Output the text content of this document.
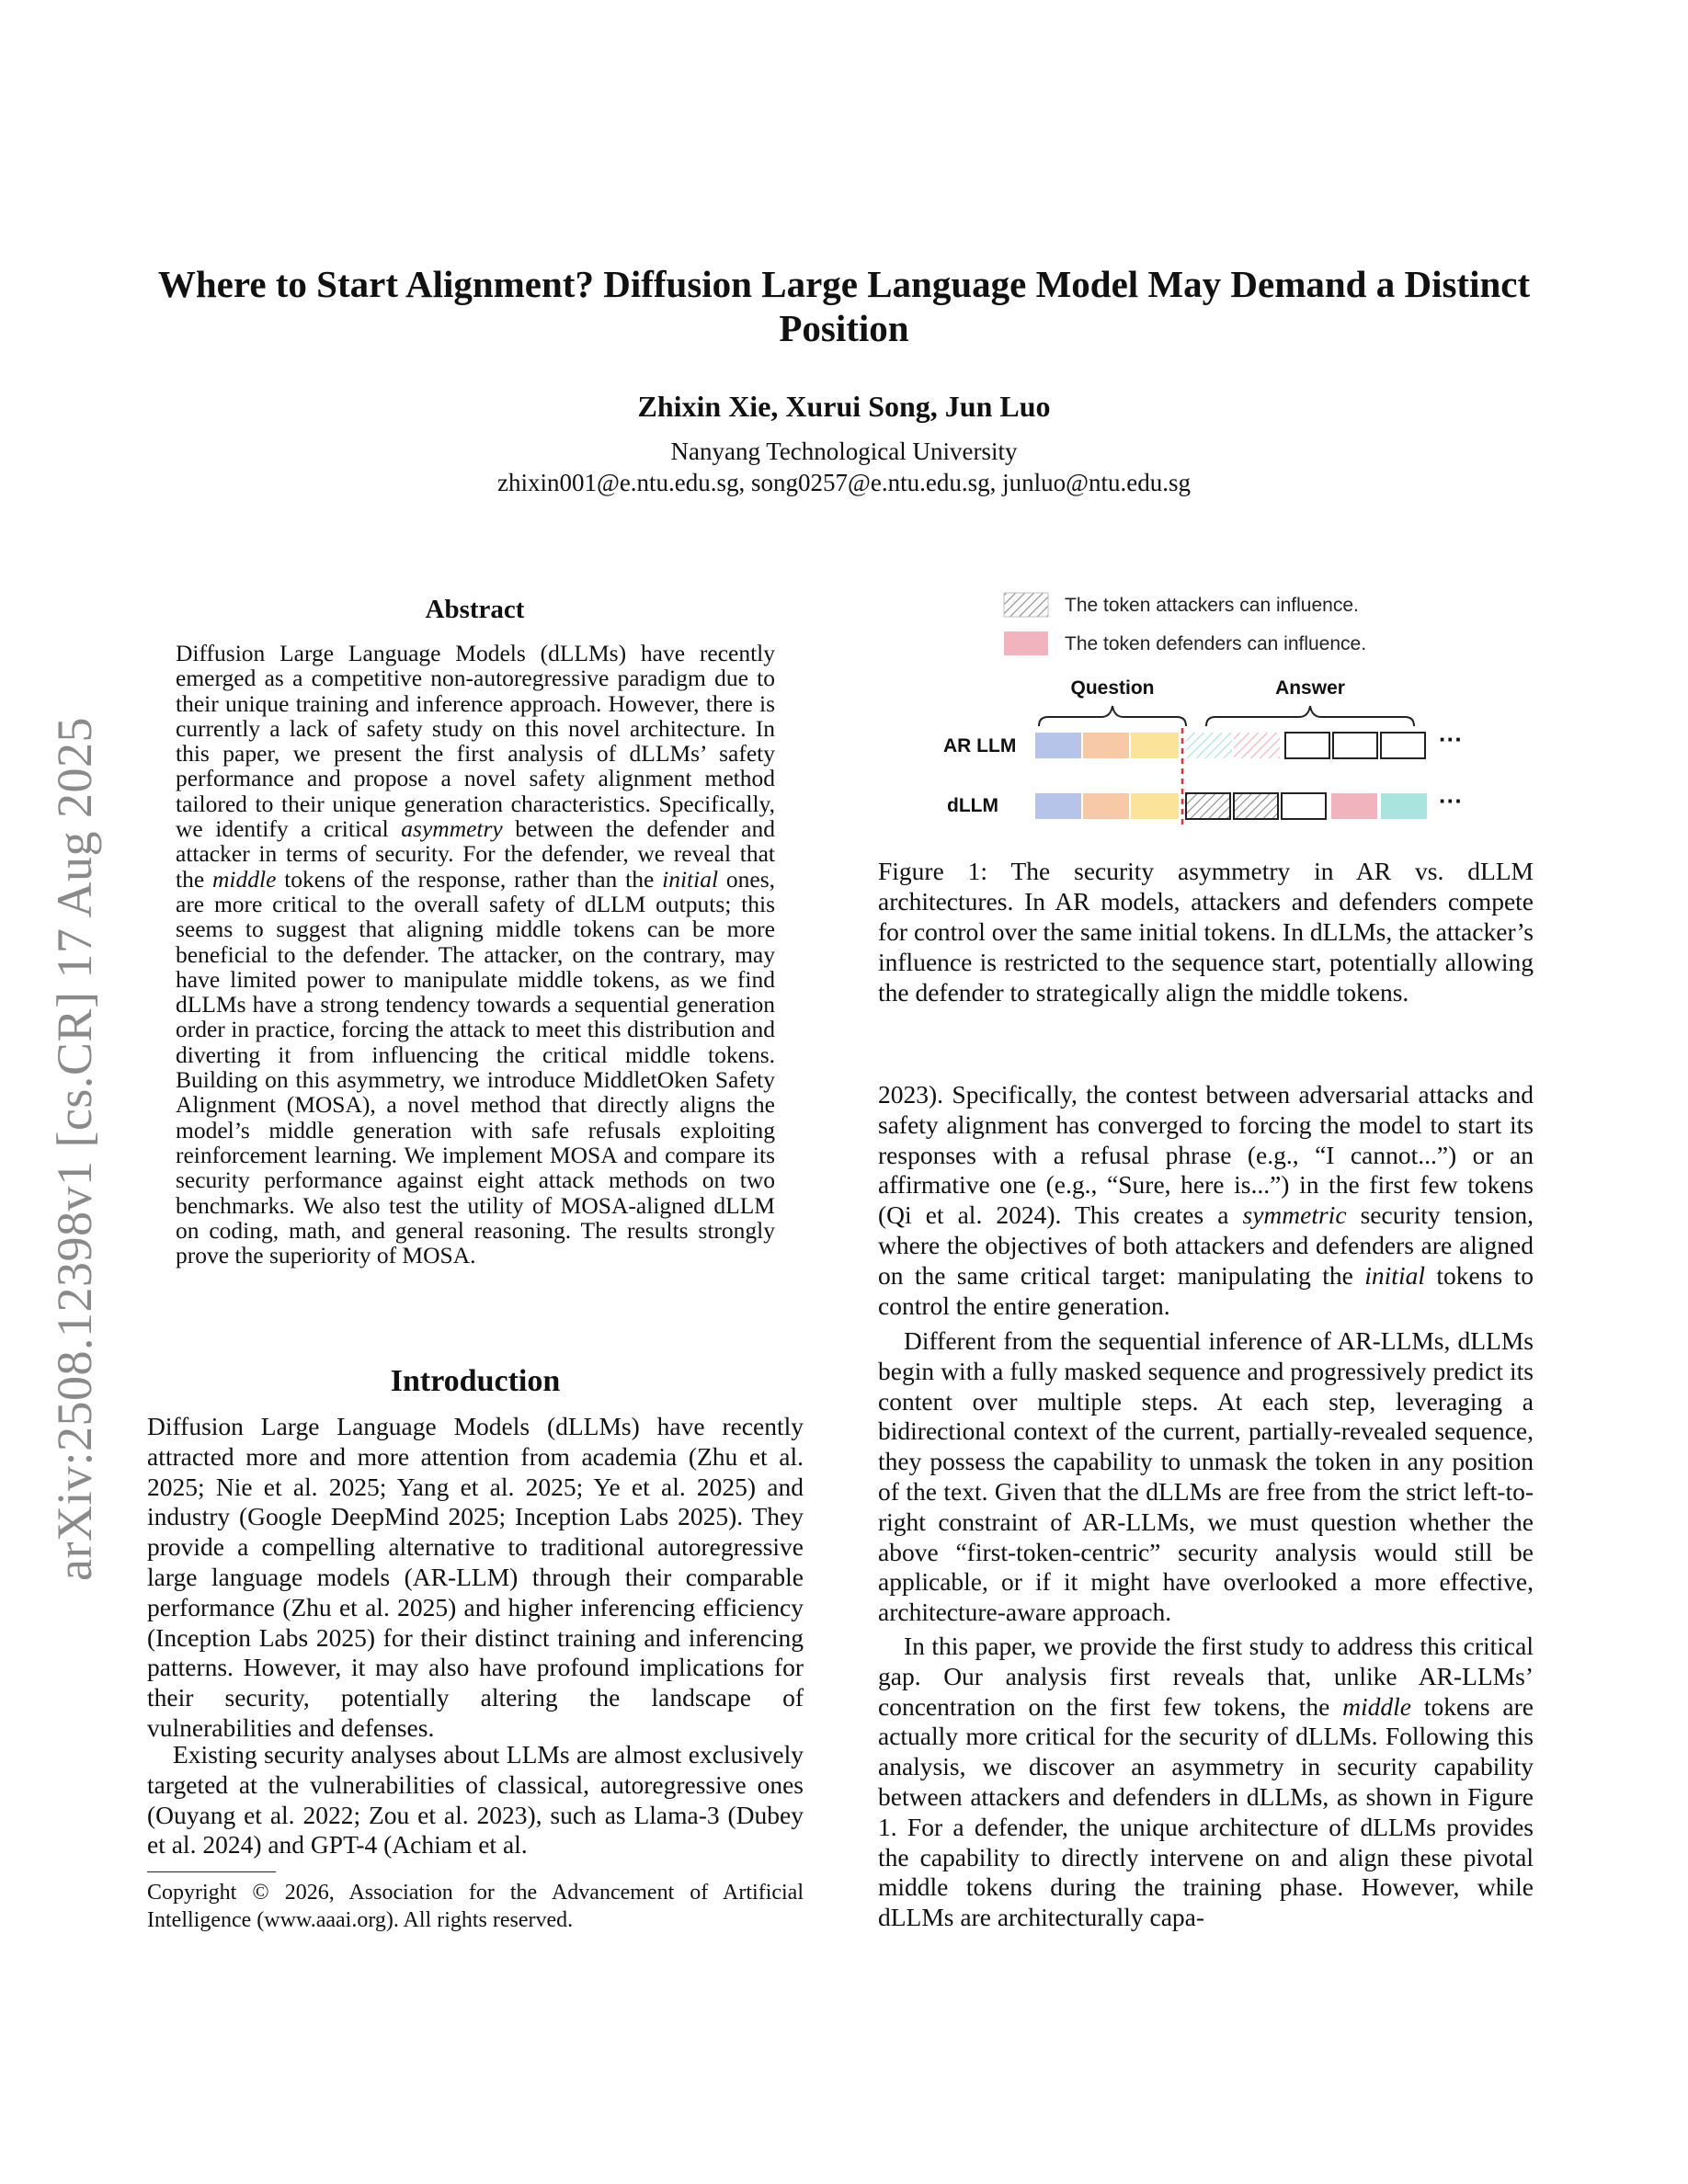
arXiv:2508.12398v1 [cs.CR] 17 Aug 2025
Where to Start Alignment? Diffusion Large Language Model May Demand a Distinct Position
Zhixin Xie, Xurui Song, Jun Luo
Nanyang Technological University
zhixin001@e.ntu.edu.sg, song0257@e.ntu.edu.sg, junluo@ntu.edu.sg
Abstract
Diffusion Large Language Models (dLLMs) have recently emerged as a competitive non-autoregressive paradigm due to their unique training and inference approach. However, there is currently a lack of safety study on this novel architecture. In this paper, we present the first analysis of dLLMs’ safety performance and propose a novel safety alignment method tailored to their unique generation characteristics. Specifically, we identify a critical asymmetry between the defender and attacker in terms of security. For the defender, we reveal that the middle tokens of the response, rather than the initial ones, are more critical to the overall safety of dLLM outputs; this seems to suggest that aligning middle tokens can be more beneficial to the defender. The attacker, on the contrary, may have limited power to manipulate middle tokens, as we find dLLMs have a strong tendency towards a sequential generation order in practice, forcing the attack to meet this distribution and diverting it from influencing the critical middle tokens. Building on this asymmetry, we introduce MiddletOken Safety Alignment (MOSA), a novel method that directly aligns the model’s middle generation with safe refusals exploiting reinforcement learning. We implement MOSA and compare its security performance against eight attack methods on two benchmarks. We also test the utility of MOSA-aligned dLLM on coding, math, and general reasoning. The results strongly prove the superiority of MOSA.
Introduction
Diffusion Large Language Models (dLLMs) have recently attracted more and more attention from academia (Zhu et al. 2025; Nie et al. 2025; Yang et al. 2025; Ye et al. 2025) and industry (Google DeepMind 2025; Inception Labs 2025). They provide a compelling alternative to traditional autoregressive large language models (AR-LLM) through their comparable performance (Zhu et al. 2025) and higher inferencing efficiency (Inception Labs 2025) for their distinct training and inferencing patterns. However, it may also have profound implications for their security, potentially altering the landscape of vulnerabilities and defenses.
Existing security analyses about LLMs are almost exclusively targeted at the vulnerabilities of classical, autoregressive ones (Ouyang et al. 2022; Zou et al. 2023), such as Llama-3 (Dubey et al. 2024) and GPT-4 (Achiam et al.
Copyright © 2026, Association for the Advancement of Artificial Intelligence (www.aaai.org). All rights reserved.
The token attackers can influence.
The token defenders can influence.
Question	Answer
AR LLM
dLLM
···
···
Figure 1: The security asymmetry in AR vs. dLLM architectures. In AR models, attackers and defenders compete for control over the same initial tokens. In dLLMs, the attacker’s influence is restricted to the sequence start, potentially allowing the defender to strategically align the middle tokens.
2023). Specifically, the contest between adversarial attacks and safety alignment has converged to forcing the model to start its responses with a refusal phrase (e.g., “I cannot...”) or an affirmative one (e.g., “Sure, here is...”) in the first few tokens (Qi et al. 2024). This creates a symmetric security tension, where the objectives of both attackers and defenders are aligned on the same critical target: manipulating the initial tokens to control the entire generation.
Different from the sequential inference of AR-LLMs, dLLMs begin with a fully masked sequence and progressively predict its content over multiple steps. At each step, leveraging a bidirectional context of the current, partially-revealed sequence, they possess the capability to unmask the token in any position of the text. Given that the dLLMs are free from the strict left-to-right constraint of AR-LLMs, we must question whether the above “first-token-centric” security analysis would still be applicable, or if it might have overlooked a more effective, architecture-aware approach.
In this paper, we provide the first study to address this critical gap. Our analysis first reveals that, unlike AR-LLMs’ concentration on the first few tokens, the middle tokens are actually more critical for the security of dLLMs. Following this analysis, we discover an asymmetry in security capability between attackers and defenders in dLLMs, as shown in Figure 1. For a defender, the unique architecture of dLLMs provides the capability to directly intervene on and align these pivotal middle tokens during the training phase. However, while dLLMs are architecturally capa-
